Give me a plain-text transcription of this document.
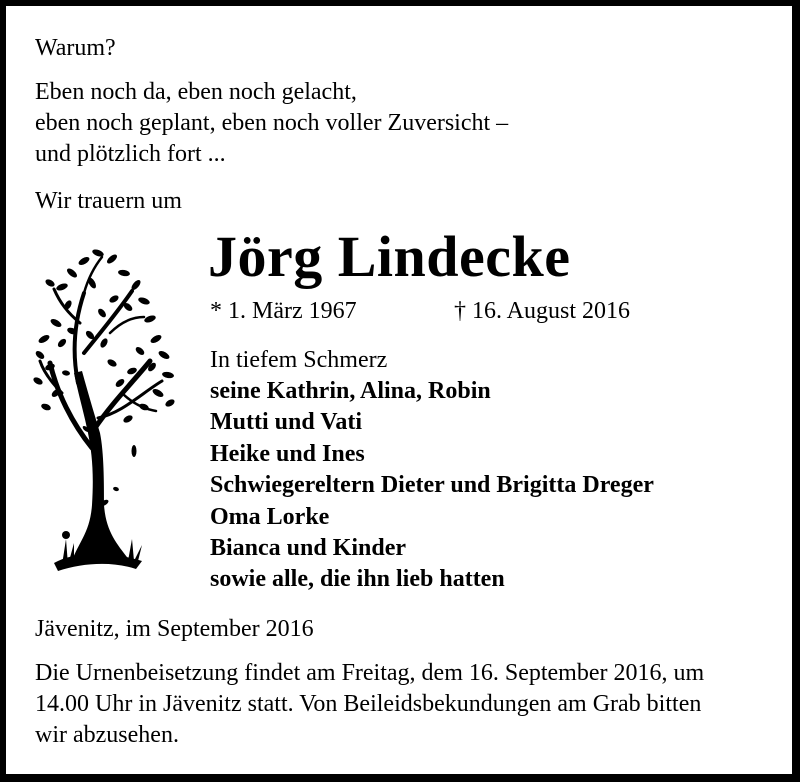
Warum?

Eben noch da, eben noch gelacht,

eben noch geplant, eben noch voller Zuversicht –

und plötzlich fort ...

Wir trauern um

Jörg Lindecke

* 1. März 1967	† 16. August 2016

In tiefem Schmerz

seine Kathrin, Alina, Robin

Mutti und Vati

Heike und Ines

Schwiegereltern Dieter und Brigitta Dreger

Oma Lorke

Bianca und Kinder

sowie alle, die ihn lieb hatten

Jävenitz, im September 2016

Die Urnenbeisetzung findet am Freitag, dem 16. September 2016, um

14.00 Uhr in Jävenitz statt. Von Beileidsbekundungen am Grab bitten

wir abzusehen.
